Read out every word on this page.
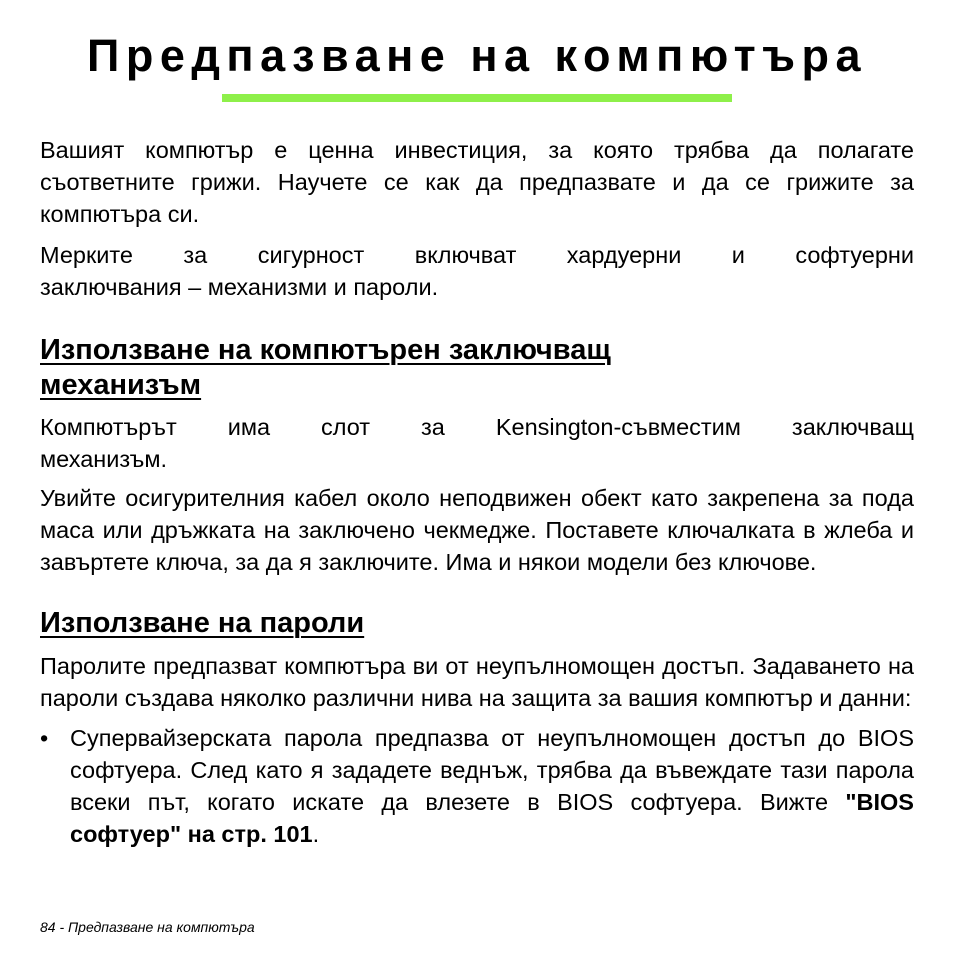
Предпазване на компютъра

Вашият компютър е ценна инвестиция, за която трябва да полагате съответните грижи. Научете се как да предпазвате и да се грижите за компютъра си.

Мерките за сигурност включват хардуерни и софтуерни
заключвания – механизми и пароли.

Използване на компютърен заключващ
механизъм

Компютърът има слот за Kensington-съвместим заключващ
механизъм.

Увийте осигурителния кабел около неподвижен обект като закрепена за пода маса или дръжката на заключено чекмедже. Поставете ключалката в жлеба и завъртете ключа, за да я заключите. Има и някои модели без ключове.

Използване на пароли

Паролите предпазват компютъра ви от неупълномощен достъп. Задаването на пароли създава няколко различни нива на защита за вашия компютър и данни:

• Супервайзерската парола предпазва от неупълномощен достъп до BIOS софтуера. След като я зададете веднъж, трябва да въвеждате тази парола всеки път, когато искате да влезете в BIOS софтуера. Вижте "BIOS софтуер" на стр. 101.

84 - Предпазване на компютъра
